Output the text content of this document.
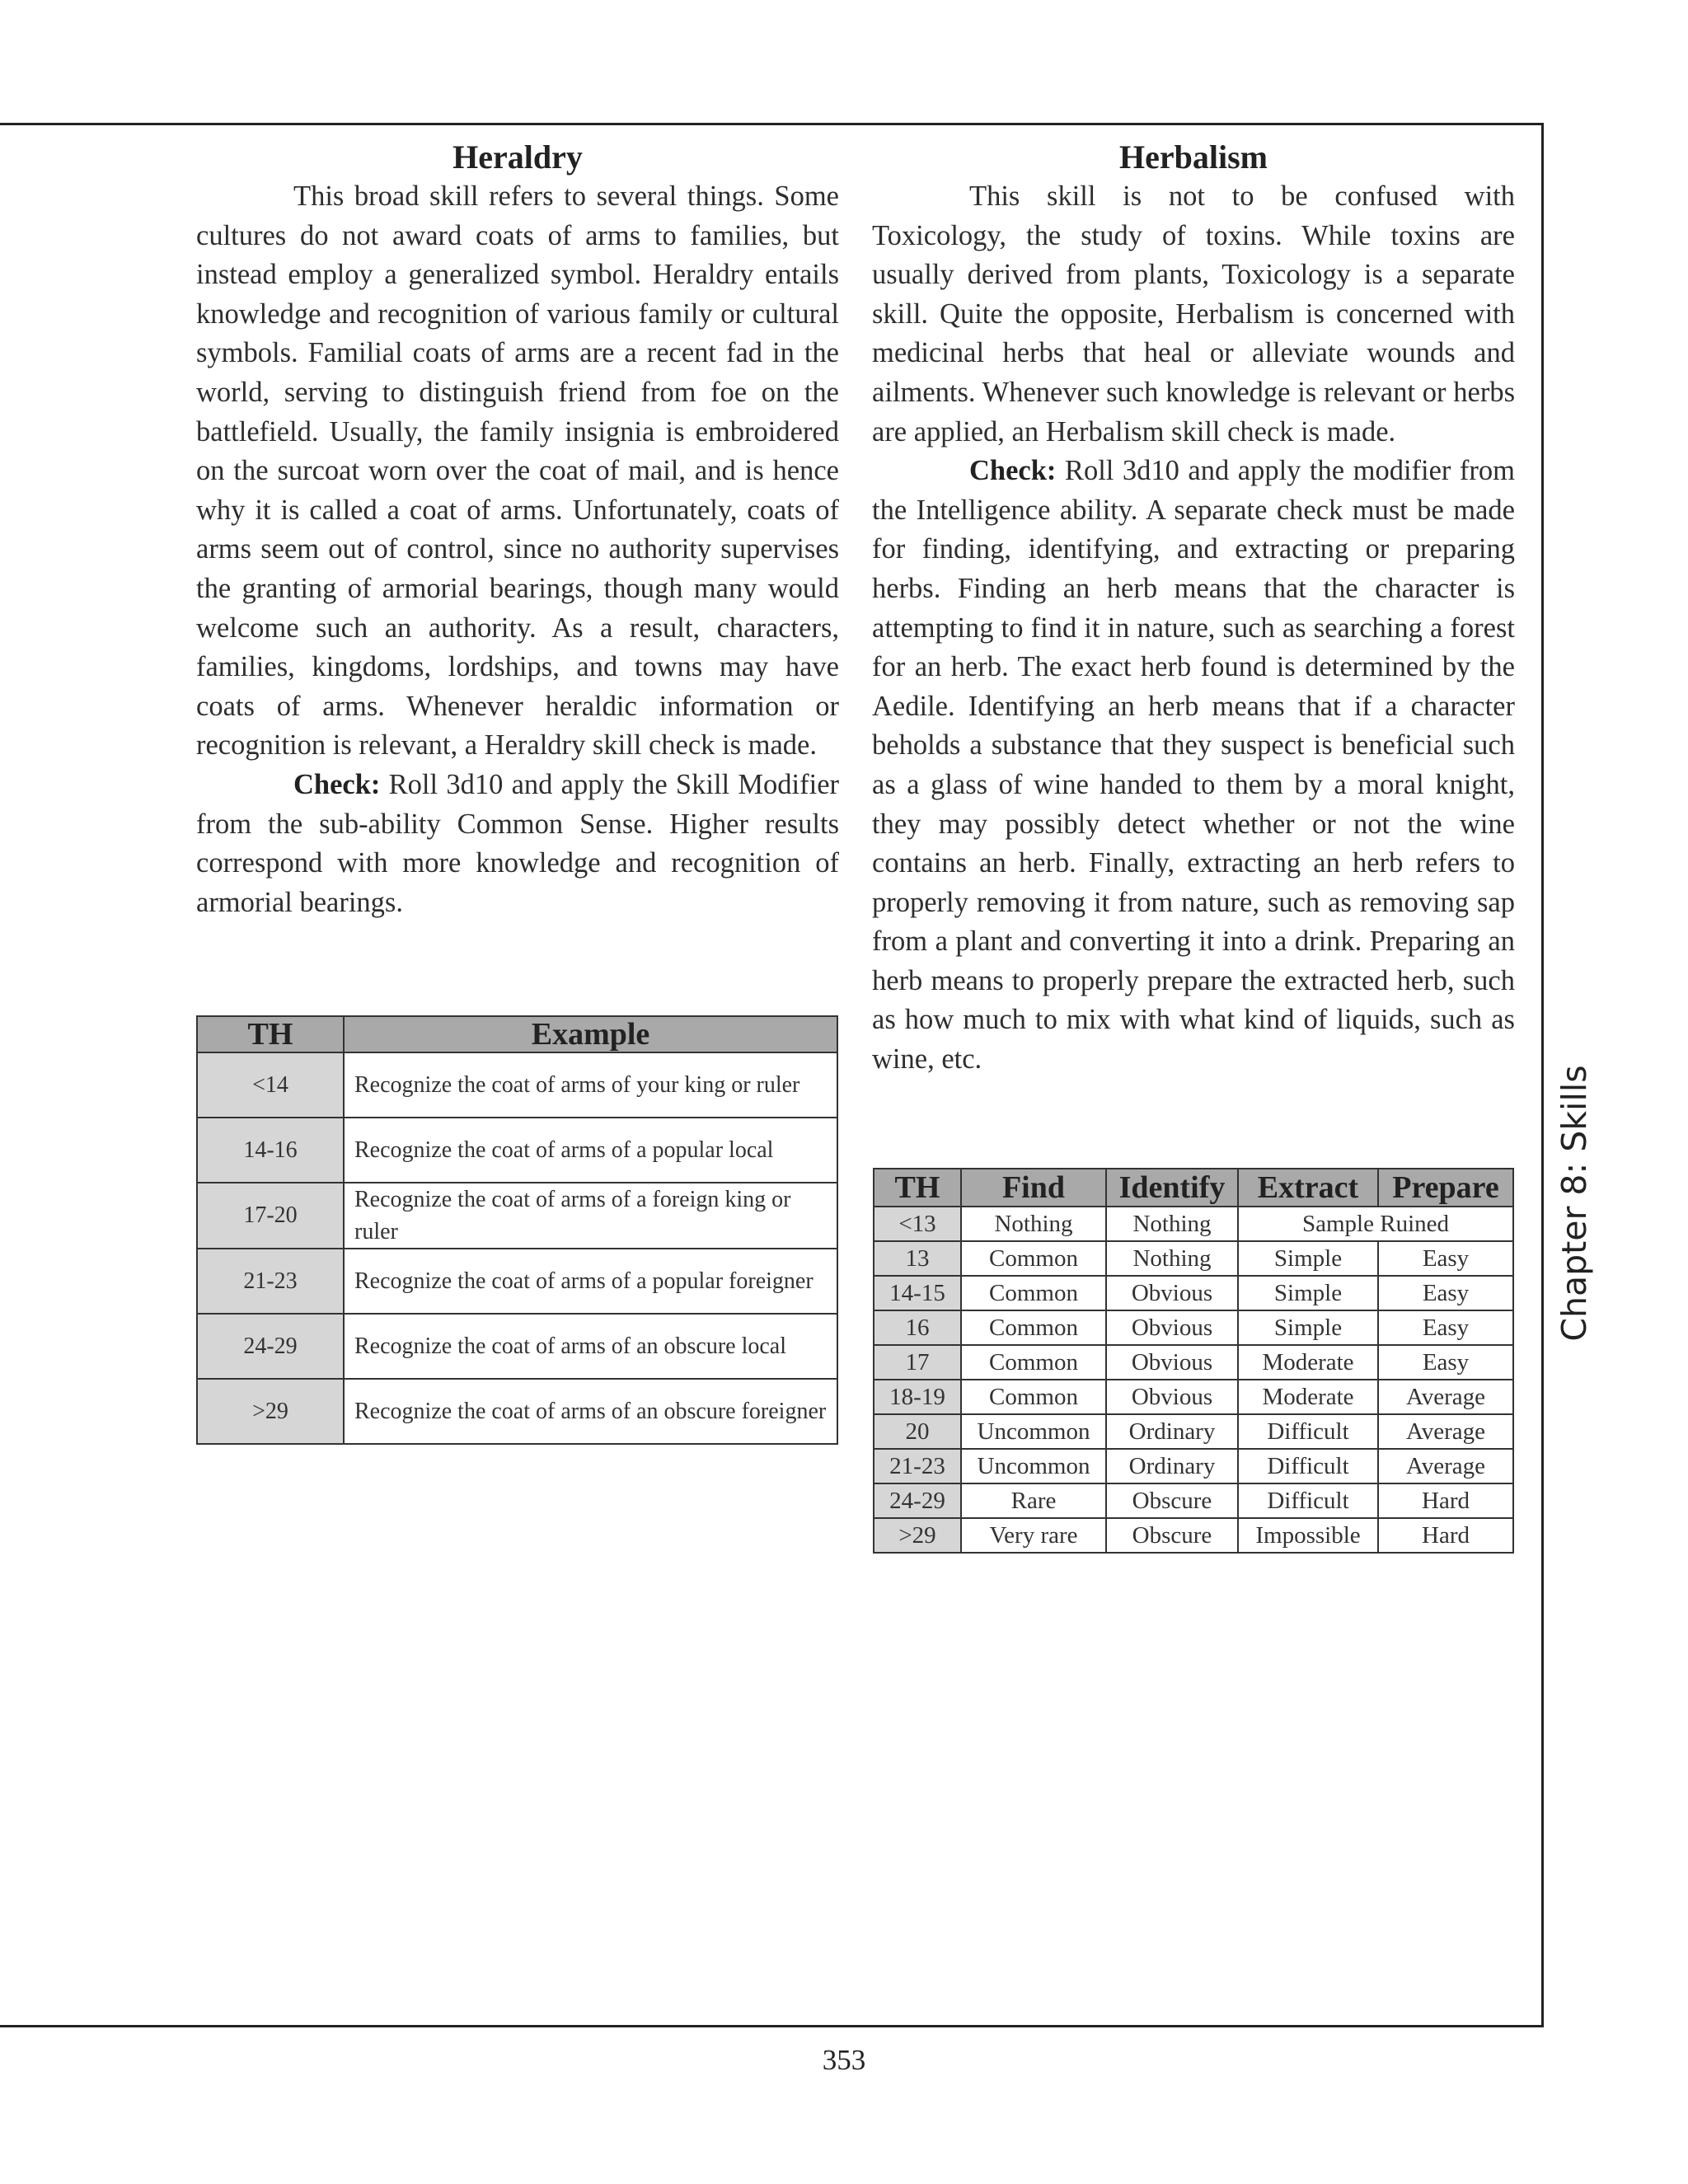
Heraldry

This broad skill refers to several things. Some cultures do not award coats of arms to families, but instead employ a generalized symbol. Heraldry entails knowledge and recognition of various family or cultural symbols. Familial coats of arms are a recent fad in the world, serving to distinguish friend from foe on the battlefield. Usually, the family insignia is embroidered on the surcoat worn over the coat of mail, and is hence why it is called a coat of arms. Unfortunately, coats of arms seem out of control, since no authority supervises the granting of armorial bearings, though many would welcome such an authority. As a result, characters, families, kingdoms, lordships, and towns may have coats of arms. Whenever heraldic information or recognition is relevant, a Heraldry skill check is made.

Check: Roll 3d10 and apply the Skill Modifier from the sub-ability Common Sense. Higher results correspond with more knowledge and recognition of armorial bearings.

TH	Example
<14	Recognize the coat of arms of your king or ruler
14-16	Recognize the coat of arms of a popular local
17-20	Recognize the coat of arms of a foreign king or ruler
21-23	Recognize the coat of arms of a popular foreigner
24-29	Recognize the coat of arms of an obscure local
>29	Recognize the coat of arms of an obscure foreigner
Herbalism

This skill is not to be confused with Toxicology, the study of toxins. While toxins are usually derived from plants, Toxicology is a separate skill. Quite the opposite, Herbalism is concerned with medicinal herbs that heal or alleviate wounds and ailments. Whenever such knowledge is relevant or herbs are applied, an Herbalism skill check is made.

Check: Roll 3d10 and apply the modifier from the Intelligence ability. A separate check must be made for finding, identifying, and extracting or preparing herbs. Finding an herb means that the character is attempting to find it in nature, such as searching a forest for an herb. The exact herb found is determined by the Aedile. Identifying an herb means that if a character beholds a substance that they suspect is beneficial such as a glass of wine handed to them by a moral knight, they may possibly detect whether or not the wine contains an herb. Finally, extracting an herb refers to properly removing it from nature, such as removing sap from a plant and converting it into a drink. Preparing an herb means to properly prepare the extracted herb, such as how much to mix with what kind of liquids, such as wine, etc.

TH	Find	Identify	Extract	Prepare
<13	Nothing	Nothing	Sample Ruined	
13	Common	Nothing	Simple	Easy
14-15	Common	Obvious	Simple	Easy
16	Common	Obvious	Simple	Easy
17	Common	Obvious	Moderate	Easy
18-19	Common	Obvious	Moderate	Average
20	Uncommon	Ordinary	Difficult	Average
21-23	Uncommon	Ordinary	Difficult	Average
24-29	Rare	Obscure	Difficult	Hard
>29	Very rare	Obscure	Impossible	Hard
Chapter 8: Skills
353
